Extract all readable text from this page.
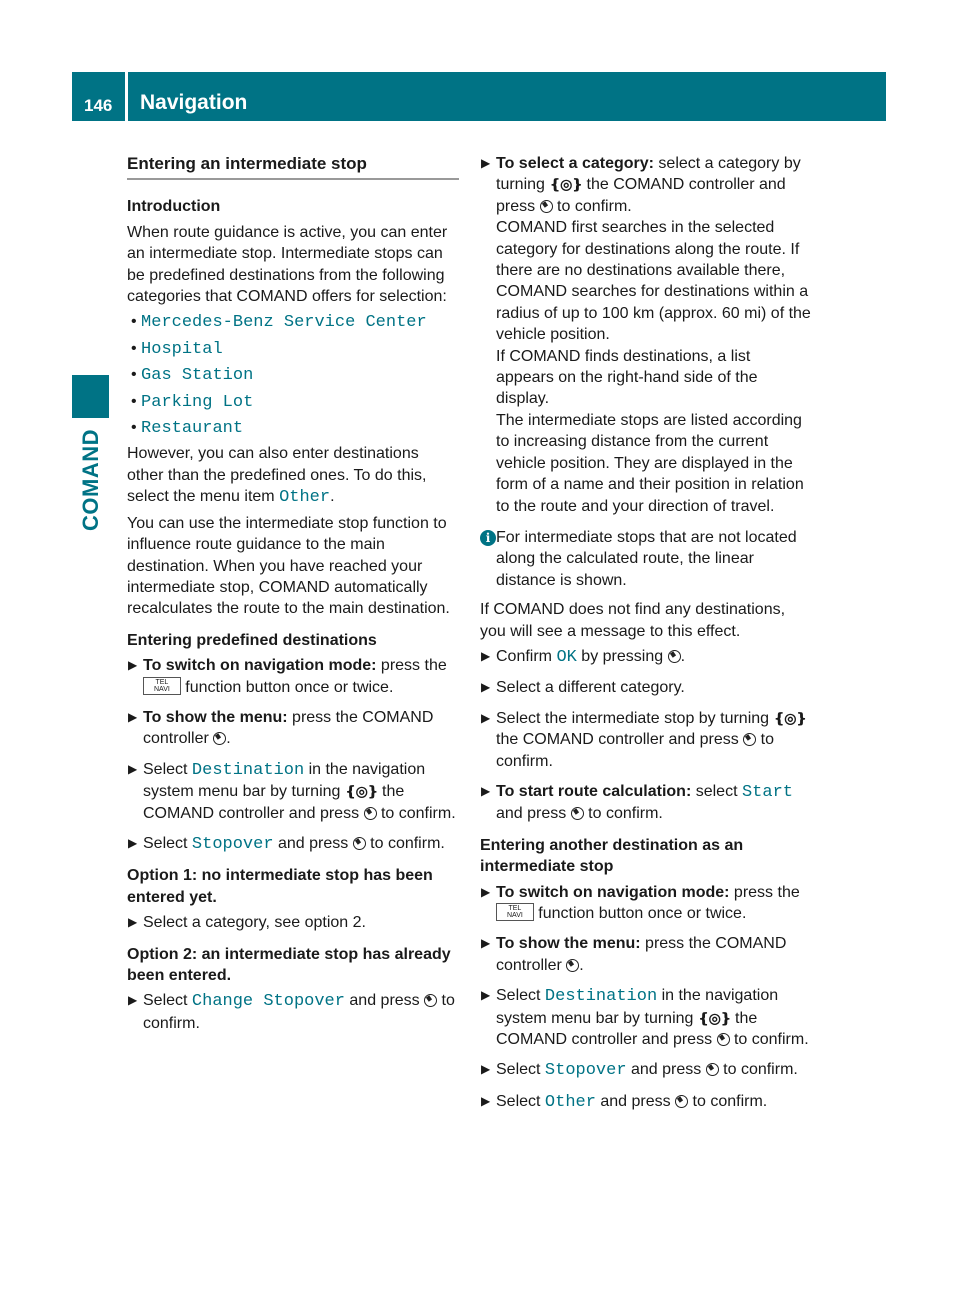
146	Navigation
COMAND
Entering an intermediate stop
Introduction
When route guidance is active, you can enter an intermediate stop. Intermediate stops can be predefined destinations from the following categories that COMAND offers for selection:
• Mercedes-Benz Service Center
• Hospital
• Gas Station
• Parking Lot
• Restaurant
However, you can also enter destinations other than the predefined ones. To do this, select the menu item Other.
You can use the intermediate stop function to influence route guidance to the main destination. When you have reached your intermediate stop, COMAND automatically recalculates the route to the main destination.
Entering predefined destinations
▶ To switch on navigation mode: press the TEL
NAVI function button once or twice.
▶ To show the menu: press the COMAND controller .
▶ Select Destination in the navigation system menu bar by turning ❴◎❵ the COMAND controller and press  to confirm.
▶ Select Stopover and press  to confirm.
Option 1: no intermediate stop has been entered yet.
▶ Select a category, see option 2.
Option 2: an intermediate stop has already been entered.
▶ Select Change Stopover and press  to confirm.
▶ To select a category: select a category by turning ❴◎❵ the COMAND controller and press  to confirm.
COMAND first searches in the selected category for destinations along the route. If there are no destinations available there, COMAND searches for destinations within a radius of up to 100 km (approx. 60 mi) of the vehicle position.
If COMAND finds destinations, a list appears on the right-hand side of the display.
The intermediate stops are listed according to increasing distance from the current vehicle position. They are displayed in the form of a name and their position in relation to the route and your direction of travel.
i For intermediate stops that are not located along the calculated route, the linear distance is shown.
If COMAND does not find any destinations, you will see a message to this effect.
▶ Confirm OK by pressing .
▶ Select a different category.
▶ Select the intermediate stop by turning ❴◎❵ the COMAND controller and press  to confirm.
▶ To start route calculation: select Start and press  to confirm.
Entering another destination as an intermediate stop
▶ To switch on navigation mode: press the TEL
NAVI function button once or twice.
▶ To show the menu: press the COMAND controller .
▶ Select Destination in the navigation system menu bar by turning ❴◎❵ the COMAND controller and press  to confirm.
▶ Select Stopover and press  to confirm.
▶ Select Other and press  to confirm.
